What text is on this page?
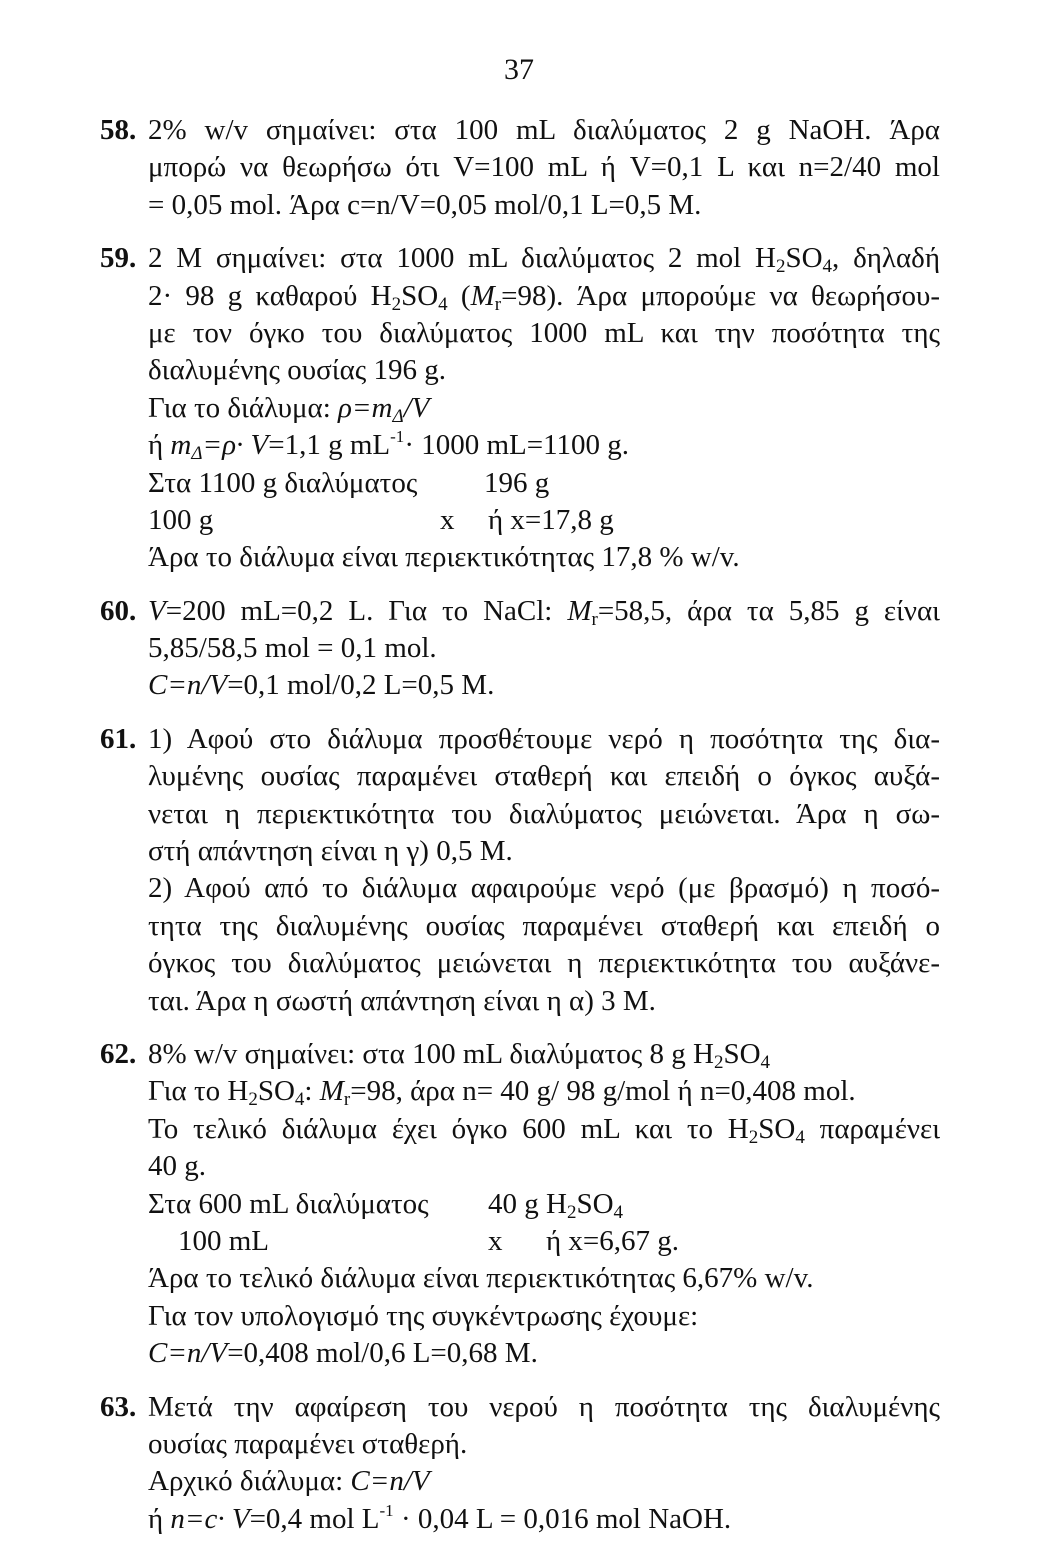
37
58. 2% w/v σημαίνει: στα 100 mL διαλύματος 2 g NaOH. Άρα
μπορώ να θεωρήσω ότι V=100 mL ή V=0,1 L και n=2/40 mol
= 0,05 mol. Άρα c=n/V=0,05 mol/0,1 L=0,5 M.
59. 2 M σημαίνει: στα 1000 mL διαλύματος 2 mol $H_2SO_4$, δηλαδή
2· 98 g καθαρού $H_2SO_4$ $(M_r=98)$. Άρα μπορούμε να θεωρήσου-
με τον όγκο του διαλύματος 1000 mL και την ποσότητα της
διαλυμένης ουσίας 196 g.
Για το διάλυμα: $\rho=m_\Delta/V$
ή $m_\Delta=\rho\cdot V=1,1$ g $mL^{-1}\cdot 1000$ mL=1100 g.
Στα 1100 g διαλύματος 196 g
100 g	x ή x=17,8 g
Άρα το διάλυμα είναι περιεκτικότητας 17,8 % w/v.
60. V=200 mL=0,2 L. Για το NaCl: $M_r=58,5$, άρα τα 5,85 g είναι
5,85/58,5 mol = 0,1 mol.
C=n/V=0,1 mol/0,2 L=0,5 M.
61. 1) Αφού στο διάλυμα προσθέτουμε νερό η ποσότητα της δια-
λυμένης ουσίας παραμένει σταθερή και επειδή ο όγκος αυξά-
νεται η περιεκτικότητα του διαλύματος μειώνεται. Άρα η σω-
στή απάντηση είναι η γ) 0,5 M.
2) Αφού από το διάλυμα αφαιρούμε νερό (με βρασμό) η ποσό-
τητα της διαλυμένης ουσίας παραμένει σταθερή και επειδή ο
όγκος του διαλύματος μειώνεται η περιεκτικότητα του αυξάνε-
ται. Άρα η σωστή απάντηση είναι η α) 3 M.
62. 8% w/v σημαίνει: στα 100 mL διαλύματος 8 g $H_2SO_4$
Για το $H_2SO_4$: $M_r=98$, άρα n= 40 g/ 98 g/mol ή n=0,408 mol.
Το τελικό διάλυμα έχει όγκο 600 mL και το $H_2SO_4$ παραμένει
40 g.
Στα 600 mL διαλύματος 40 g $H_2SO_4$
100 mL	x ή x=6,67 g.
Άρα το τελικό διάλυμα είναι περιεκτικότητας 6,67% w/v.
Για τον υπολογισμό της συγκέντρωσης έχουμε:
C=n/V=0,408 mol/0,6 L=0,68 M.
63. Μετά την αφαίρεση του νερού η ποσότητα της διαλυμένης
ουσίας παραμένει σταθερή.
Αρχικό διάλυμα: C=n/V
ή n=c· V=0,4 mol $L^{-1} \cdot 0,04$ L = 0,016 mol NaOH.
